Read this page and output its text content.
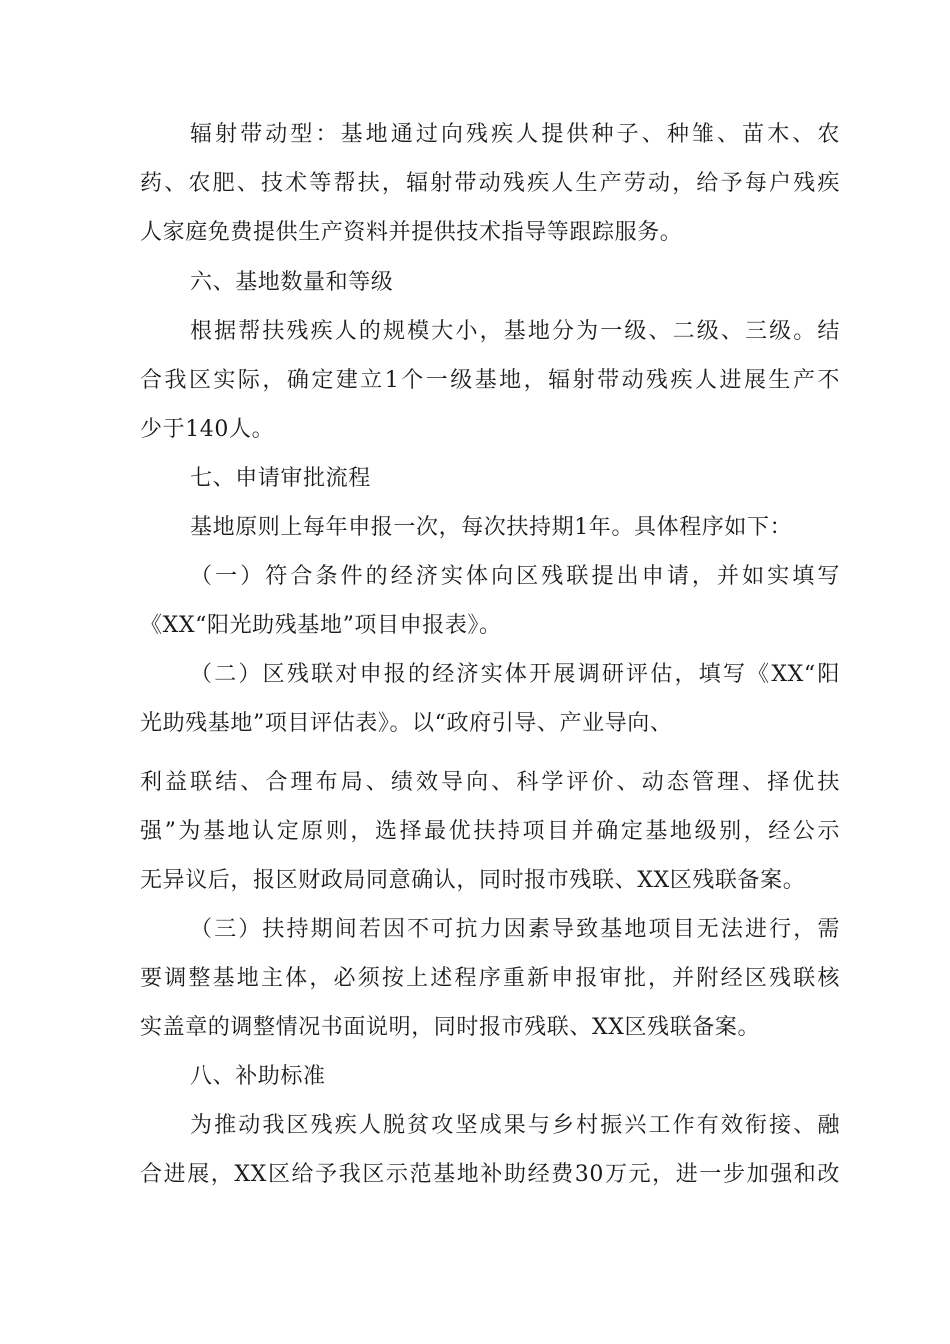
辐射带动型：基地通过向残疾人提供种子、种雏、苗木、农
药、农肥、技术等帮扶，辐射带动残疾人生产劳动，给予每户残疾
人家庭免费提供生产资料并提供技术指导等跟踪服务。
六、基地数量和等级
根据帮扶残疾人的规模大小，基地分为一级、二级、三级。结
合我区实际，确定建立1个一级基地，辐射带动残疾人进展生产不
少于140人。
七、申请审批流程
基地原则上每年申报一次，每次扶持期1年。具体程序如下：
（一）符合条件的经济实体向区残联提出申请，并如实填写
《XX“阳光助残基地”项目申报表》。
（二）区残联对申报的经济实体开展调研评估，填写《XX“阳
光助残基地”项目评估表》。以“政府引导、产业导向、
利益联结、合理布局、绩效导向、科学评价、动态管理、择优扶
强”为基地认定原则，选择最优扶持项目并确定基地级别，经公示
无异议后，报区财政局同意确认，同时报市残联、XX区残联备案。
（三）扶持期间若因不可抗力因素导致基地项目无法进行，需
要调整基地主体，必须按上述程序重新申报审批，并附经区残联核
实盖章的调整情况书面说明，同时报市残联、XX区残联备案。
八、补助标准
为推动我区残疾人脱贫攻坚成果与乡村振兴工作有效衔接、融
合进展，XX区给予我区示范基地补助经费30万元，进一步加强和改
